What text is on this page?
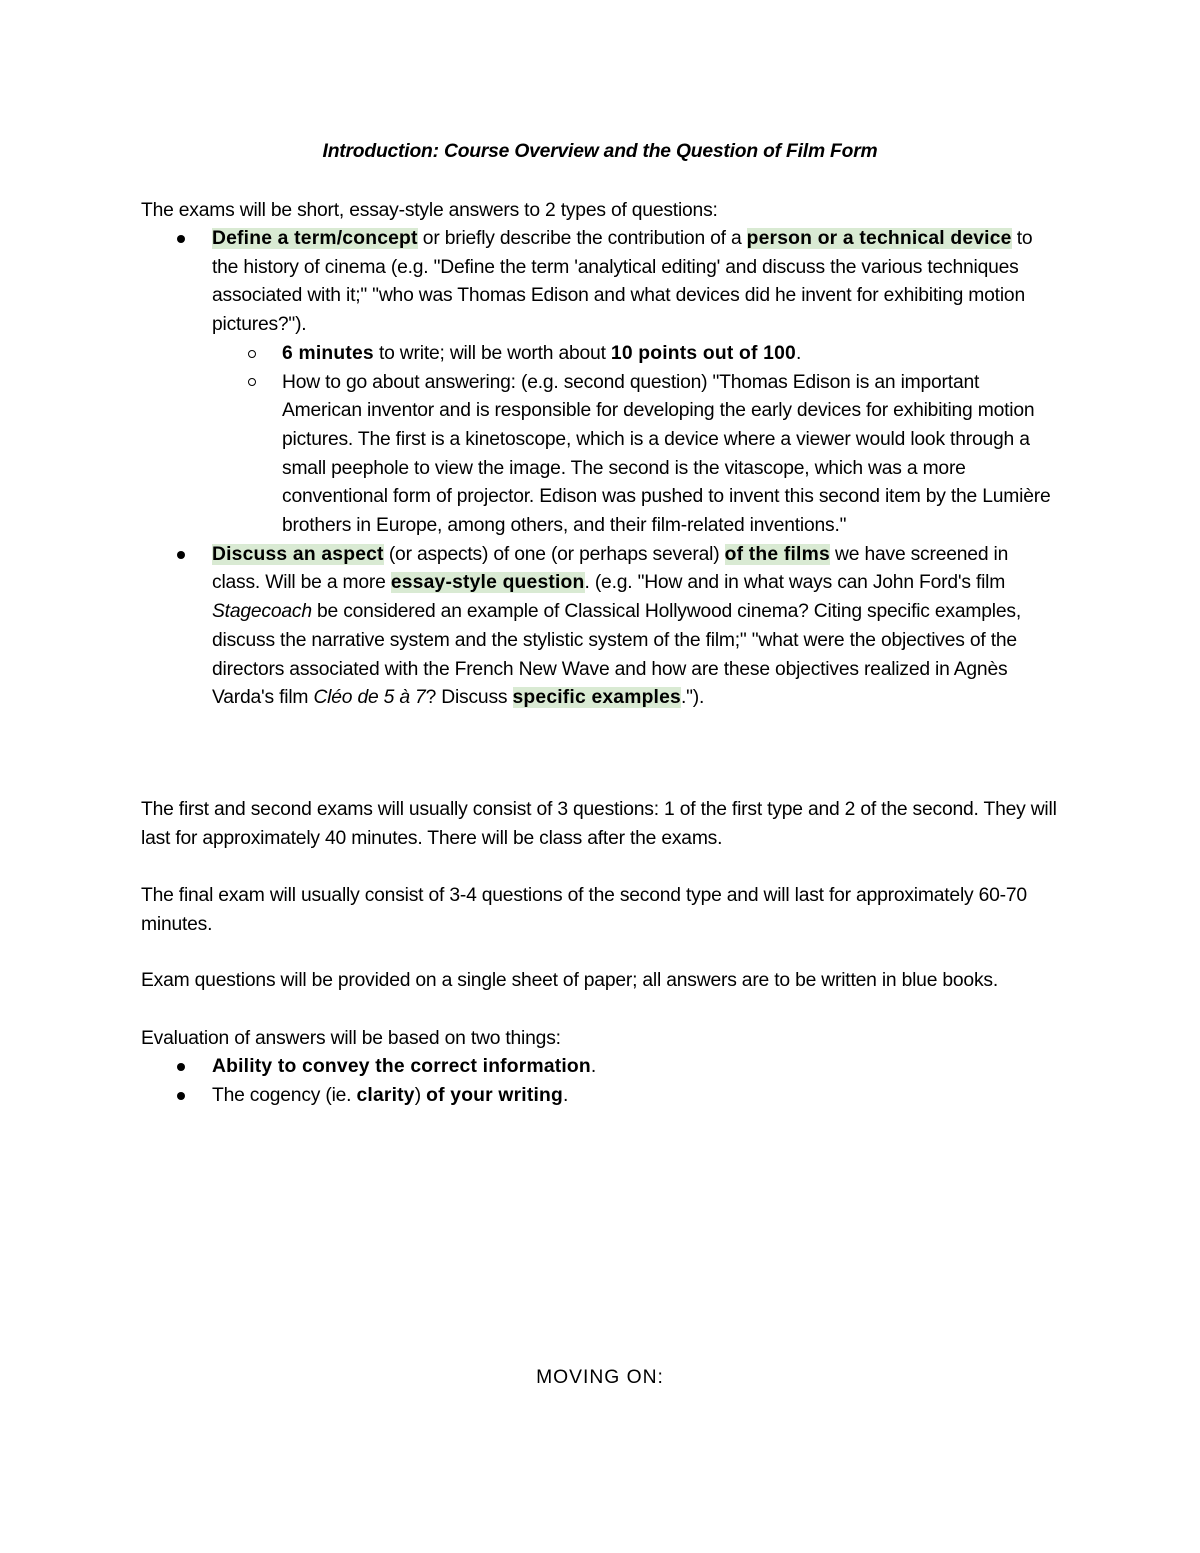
Introduction: Course Overview and the Question of Film Form

The exams will be short, essay-style answers to 2 types of questions:

Define a term/concept or briefly describe the contribution of a person or a technical device to the history of cinema (e.g. "Define the term 'analytical editing' and discuss the various techniques associated with it;" "who was Thomas Edison and what devices did he invent for exhibiting motion pictures?").
6 minutes to write; will be worth about 10 points out of 100.
How to go about answering: (e.g. second question) "Thomas Edison is an important American inventor and is responsible for developing the early devices for exhibiting motion pictures. The first is a kinetoscope, which is a device where a viewer would look through a small peephole to view the image. The second is the vitascope, which was a more conventional form of projector. Edison was pushed to invent this second item by the Lumière brothers in Europe, among others, and their film-related inventions."
Discuss an aspect (or aspects) of one (or perhaps several) of the films we have screened in class. Will be a more essay-style question. (e.g. "How and in what ways can John Ford's film Stagecoach be considered an example of Classical Hollywood cinema? Citing specific examples, discuss the narrative system and the stylistic system of the film;" "what were the objectives of the directors associated with the French New Wave and how are these objectives realized in Agnès Varda's film Cléo de 5 à 7? Discuss specific examples.").

The first and second exams will usually consist of 3 questions: 1 of the first type and 2 of the second. They will last for approximately 40 minutes. There will be class after the exams.

The final exam will usually consist of 3-4 questions of the second type and will last for approximately 60-70 minutes.

Exam questions will be provided on a single sheet of paper; all answers are to be written in blue books.

Evaluation of answers will be based on two things:

Ability to convey the correct information.
The cogency (ie. clarity) of your writing.
MOVING ON:
